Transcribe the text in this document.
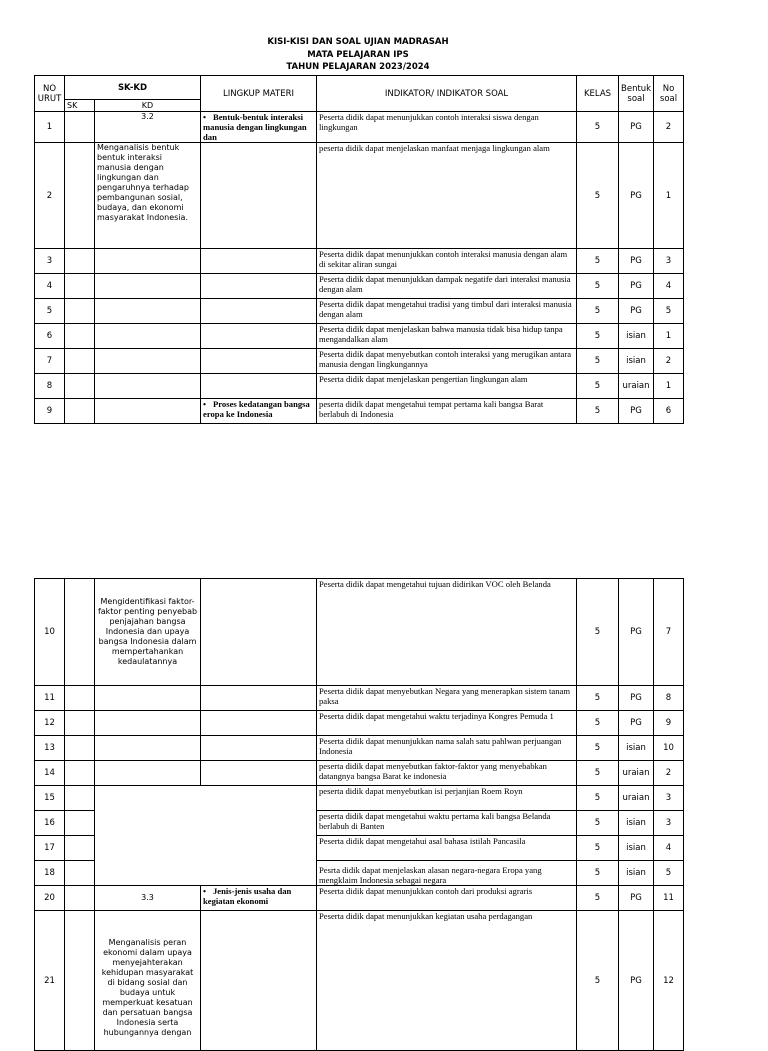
KISI-KISI DAN SOAL UJIAN MADRASAH
MATA PELAJARAN IPS
TAHUN PELAJARAN 2023/2024
NO URUT	SK-KD		LINGKUP MATERI	INDIKATOR/ INDIKATOR SOAL	KELAS	Bentuk soal	No soal
	SK	KD					
1		3.2	• Bentuk-bentuk interaksi manusia dengan lingkungan dan	Peserta didik dapat menunjukkan contoh interaksi siswa dengan lingkungan	5	PG	2
2		Menganalisis bentuk bentuk interaksi manusia dengan lingkungan dan pengaruhnya terhadap pembangunan sosial, budaya, dan ekonomi masyarakat Indonesia.		peserta didik dapat menjelaskan manfaat menjaga lingkungan alam	5	PG	1
3				Peserta didik dapat menunjukkan contoh interaksi manusia dengan alam di sekitar aliran sungai	5	PG	3
4				Peserta didik dapat menunjukkan dampak negatife dari interaksi manusia dengan alam	5	PG	4
5				Peserta didik dapat mengetahui tradisi yang timbul dari interaksi manusia dengan alam	5	PG	5
6				Peserta didik dapat menjelaskan bahwa manusia tidak bisa hidup tanpa mengandalkan alam	5	isian	1
7				Peserta didik dapat menyebutkan contoh interaksi yang merugikan antara manusia dengan lingkungannya	5	isian	2
8				Peserta didik dapat menjelaskan pengertian lingkungan alam	5	uraian	1
9			• Proses kedatangan bangsa eropa ke Indonesia	peserta didik dapat mengetahui tempat pertama kali bangsa Barat berlabuh di Indonesia	5	PG	6
10		Mengidentifikasi faktor-faktor penting penyebab penjajahan bangsa Indonesia dan upaya bangsa Indonesia dalam mempertahankan kedaulatannya		Peserta didik dapat mengetahui tujuan didirikan VOC oleh Belanda	5	PG	7
11				Peserta didik dapat menyebutkan Negara yang menerapkan sistem tanam paksa	5	PG	8
12				Peserta didik dapat mengetahui waktu terjadinya Kongres Pemuda 1	5	PG	9
13				Peserta didik dapat menunjukkan nama salah satu pahlwan perjuangan Indonesia	5	isian	10
14				peserta didik dapat menyebutkan faktor-faktor yang menyebabkan datangnya bangsa Barat ke indonesia	5	uraian	2
15				peserta didik dapat menyebutkan isi perjanjian Roem Royn	5	uraian	3
16				peserta didik dapat mengetahui waktu pertama kali bangsa Belanda berlabuh di Banten	5	isian	3
17				Peserta didik dapat mengetahui asal bahasa istilah Pancasila	5	isian	4
18				Pesrta didik dapat menjelaskan alasan negara-negara Eropa yang mengklaim Indonesia sebagai negara	5	isian	5
20		3.3	• Jenis-jenis usaha dan kegiatan ekonomi	Peserta didik dapat menunjukkan contoh dari produksi agraris	5	PG	11
21		Menganalisis peran ekonomi dalam upaya menyejahterakan kehidupan masyarakat di bidang sosial dan budaya untuk memperkuat kesatuan dan persatuan bangsa Indonesia serta hubungannya dengan		Peserta didik dapat menunjukkan kegiatan usaha perdagangan	5	PG	12
